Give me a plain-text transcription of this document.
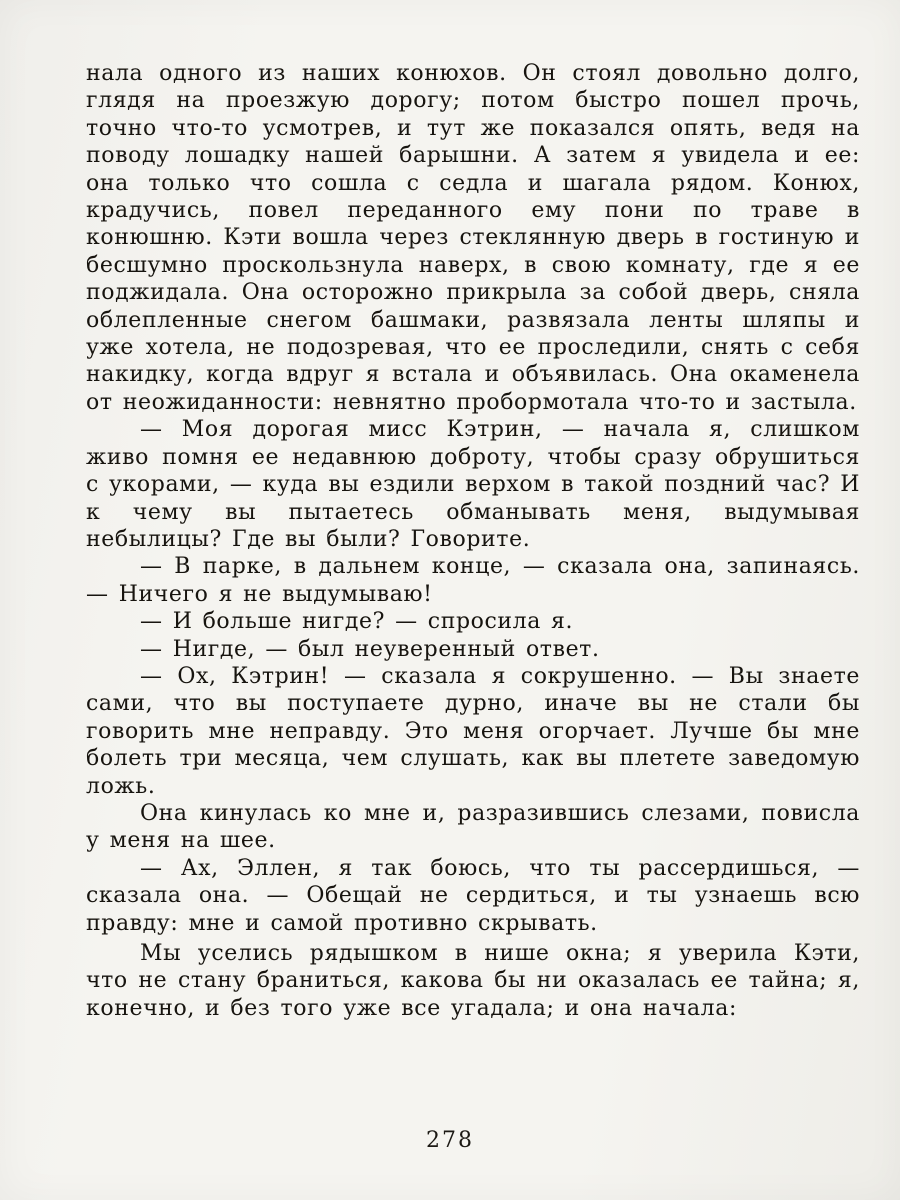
нала одного из наших конюхов. Он стоял довольно долго, глядя на проезжую дорогу; потом быстро пошел прочь, точно что-то усмотрев, и тут же показался опять, ведя на поводу лошадку нашей барышни. А затем я увидела и ее: она только что сошла с седла и шагала рядом. Конюх, крадучись, повел переданного ему пони по траве в конюшню. Кэти вошла через стеклянную дверь в гостиную и бесшумно проскользнула наверх, в свою комнату, где я ее поджидала. Она осторожно прикрыла за собой дверь, сняла облепленные снегом башмаки, развязала ленты шляпы и уже хотела, не подозревая, что ее проследили, снять с себя накидку, когда вдруг я встала и объявилась. Она окаменела от неожиданности: невнятно пробормотала что-то и застыла.

— Моя дорогая мисс Кэтрин, — начала я, слишком живо помня ее недавнюю доброту, чтобы сразу обрушиться с укорами, — куда вы ездили верхом в такой поздний час? И к чему вы пытаетесь обманывать меня, выдумывая небылицы? Где вы были? Говорите.

— В парке, в дальнем конце, — сказала она, запинаясь. — Ничего я не выдумываю!

— И больше нигде? — спросила я.

— Нигде, — был неуверенный ответ.

— Ох, Кэтрин! — сказала я сокрушенно. — Вы знаете сами, что вы поступаете дурно, иначе вы не стали бы говорить мне неправду. Это меня огорчает. Лучше бы мне болеть три месяца, чем слушать, как вы плетете заведомую ложь.

Она кинулась ко мне и, разразившись слезами, повисла у меня на шее.

— Ах, Эллен, я так боюсь, что ты рассердишься, — сказала она. — Обещай не сердиться, и ты узнаешь всю правду: мне и самой противно скрывать.

Мы уселись рядышком в нише окна; я уверила Кэти, что не стану браниться, какова бы ни оказалась ее тайна; я, конечно, и без того уже все угадала; и она начала:

278
